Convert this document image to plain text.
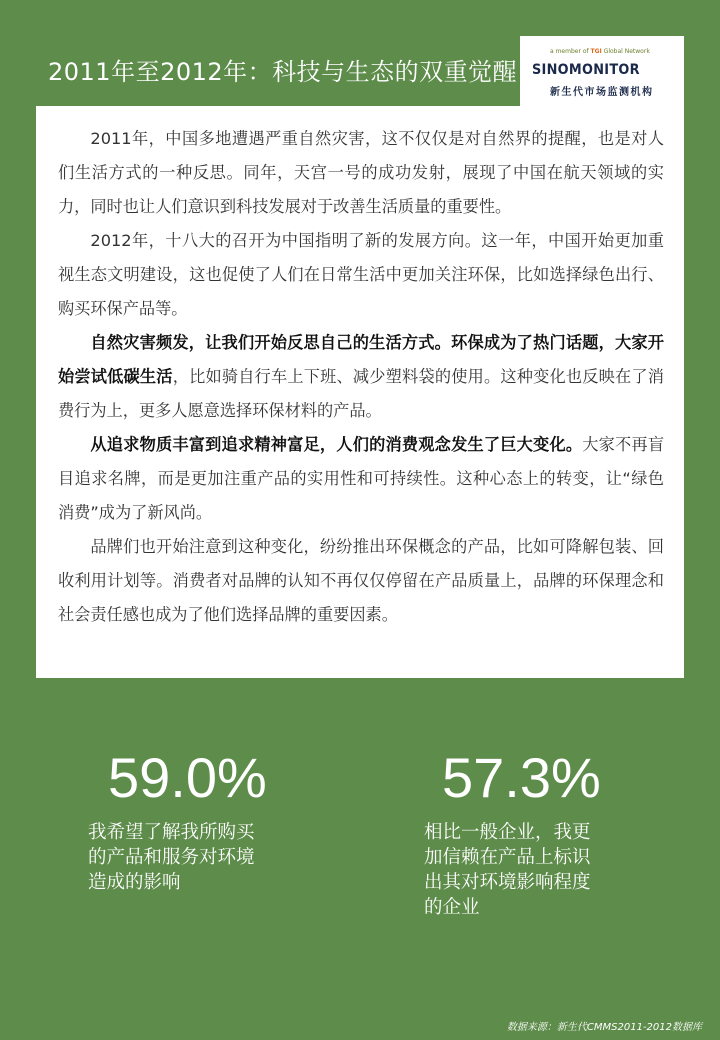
2011年至2012年：科技与生态的双重觉醒
a member of TGI Global Network
SINOMONITOR
新生代市场监测机构

2011年，中国多地遭遇严重自然灾害，这不仅仅是对自然界的提醒，也是对人们生活方式的一种反思。同年，天宫一号的成功发射，展现了中国在航天领域的实力，同时也让人们意识到科技发展对于改善生活质量的重要性。

2012年，十八大的召开为中国指明了新的发展方向。这一年，中国开始更加重视生态文明建设，这也促使了人们在日常生活中更加关注环保，比如选择绿色出行、购买环保产品等。

自然灾害频发，让我们开始反思自己的生活方式。环保成为了热门话题，大家开始尝试低碳生活，比如骑自行车上下班、减少塑料袋的使用。这种变化也反映在了消费行为上，更多人愿意选择环保材料的产品。

从追求物质丰富到追求精神富足，人们的消费观念发生了巨大变化。大家不再盲目追求名牌，而是更加注重产品的实用性和可持续性。这种心态上的转变，让“绿色消费”成为了新风尚。

品牌们也开始注意到这种变化，纷纷推出环保概念的产品，比如可降解包装、回收利用计划等。消费者对品牌的认知不再仅仅停留在产品质量上，品牌的环保理念和社会责任感也成为了他们选择品牌的重要因素。

59.0%
我希望了解我所购买
的产品和服务对环境
造成的影响
57.3%
相比一般企业，我更
加信赖在产品上标识
出其对环境影响程度
的企业
数据来源：新生代CMMS2011-2012数据库
